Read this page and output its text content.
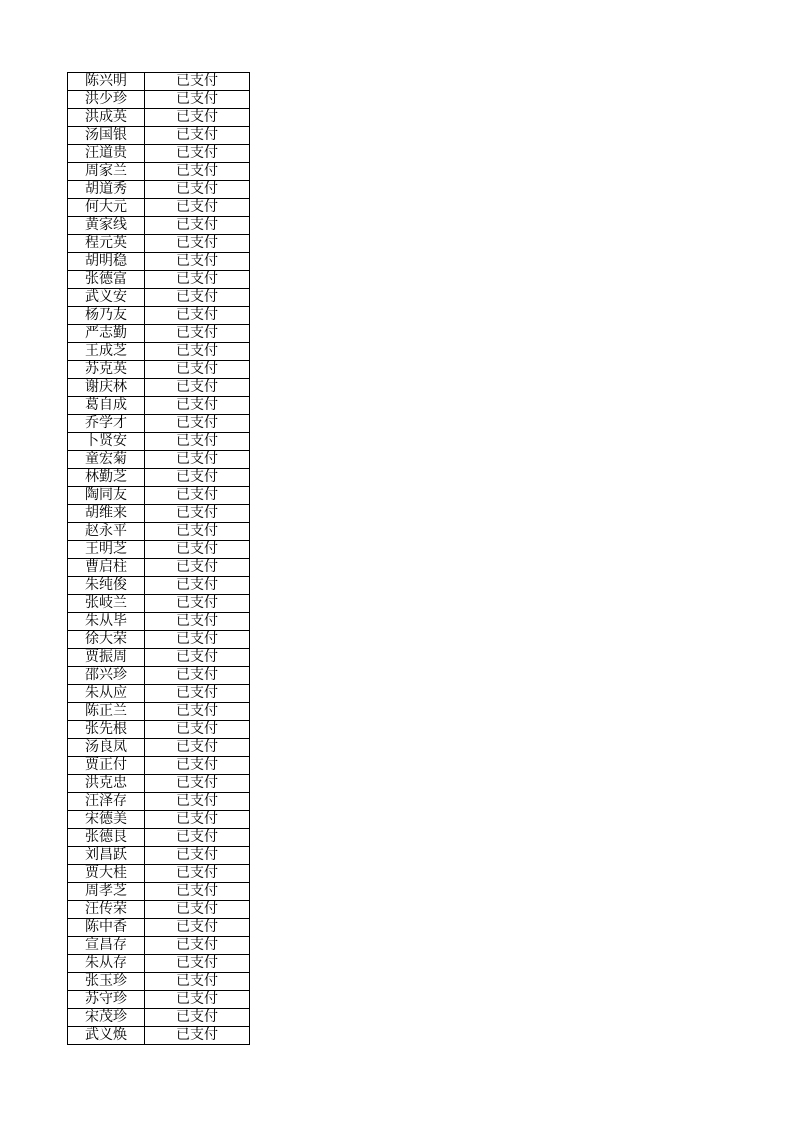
陈兴明	已支付
洪少珍	已支付
洪成英	已支付
汤国银	已支付
汪道贵	已支付
周家兰	已支付
胡道秀	已支付
何大元	已支付
黄家线	已支付
程元英	已支付
胡明稳	已支付
张德富	已支付
武义安	已支付
杨乃友	已支付
严志勤	已支付
王成芝	已支付
苏克英	已支付
谢庆林	已支付
葛自成	已支付
乔学才	已支付
卜贤安	已支付
童宏菊	已支付
林勤芝	已支付
陶同友	已支付
胡维来	已支付
赵永平	已支付
王明芝	已支付
曹启柱	已支付
朱纯俊	已支付
张岐兰	已支付
朱从毕	已支付
徐大荣	已支付
贾振周	已支付
邵兴珍	已支付
朱从应	已支付
陈正兰	已支付
张先根	已支付
汤良凤	已支付
贾正付	已支付
洪克忠	已支付
汪泽存	已支付
宋德美	已支付
张德艮	已支付
刘昌跃	已支付
贾大桂	已支付
周孝芝	已支付
汪传荣	已支付
陈中香	已支付
宣昌存	已支付
朱从存	已支付
张玉珍	已支付
苏守珍	已支付
宋茂珍	已支付
武义焕	已支付
